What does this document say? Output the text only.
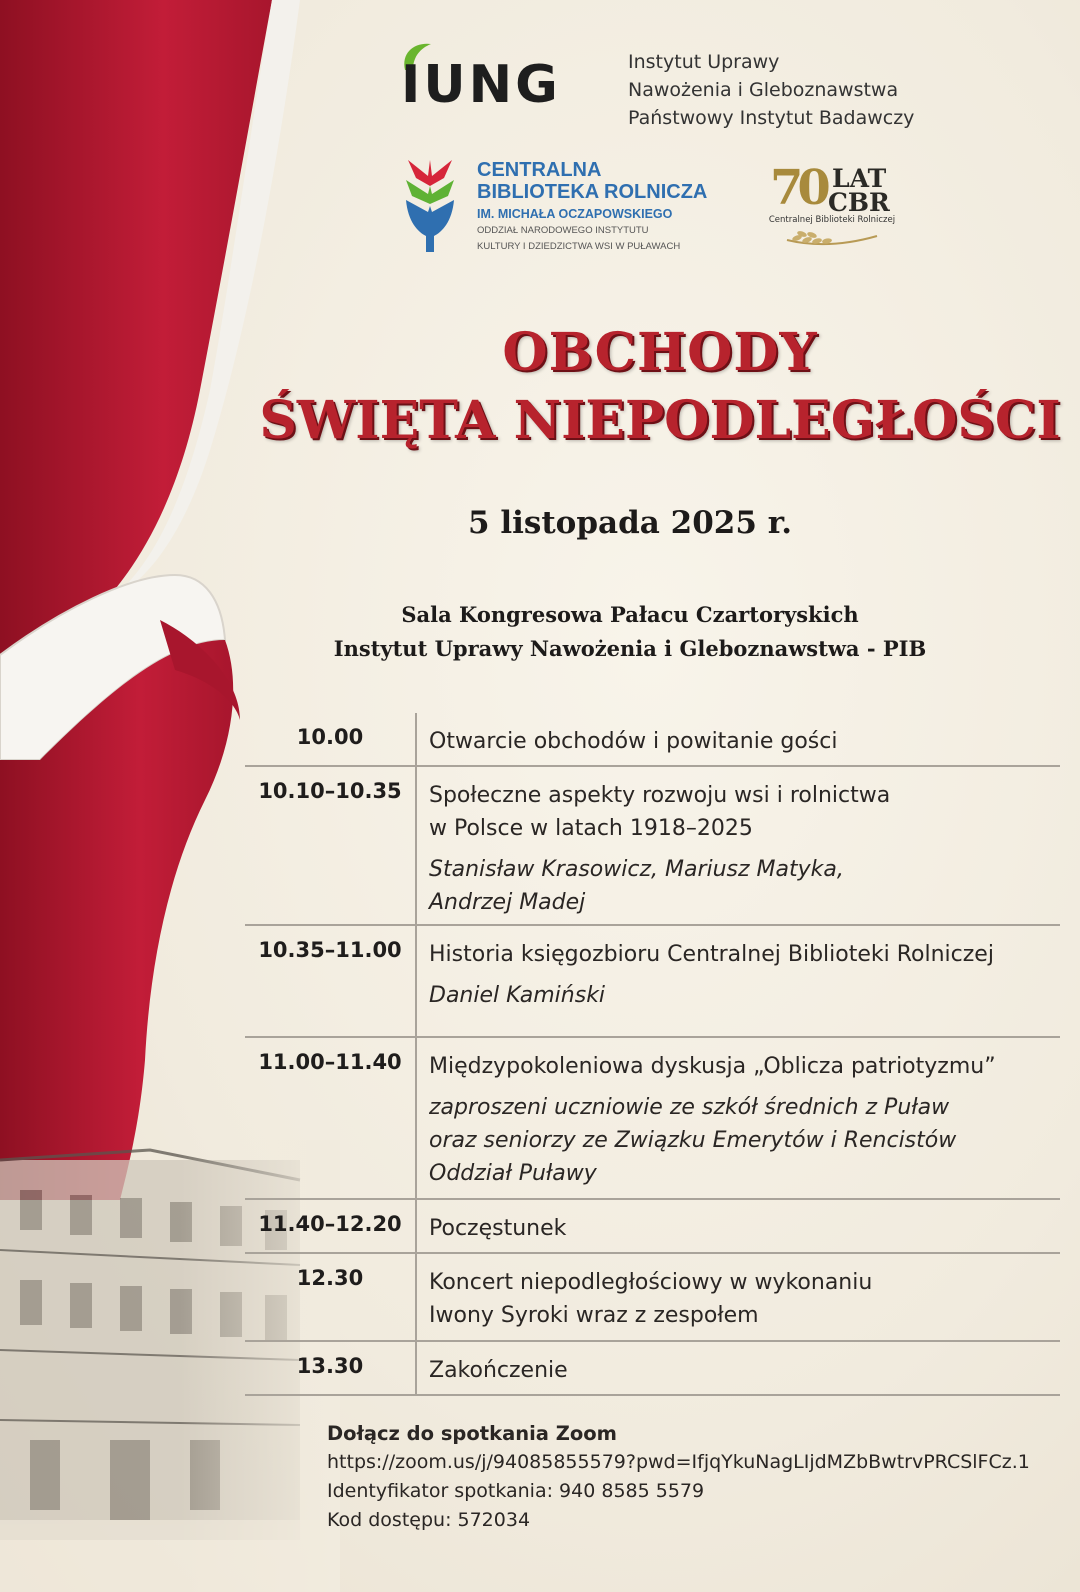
IUNG	Instytut Uprawy
Nawożenia i Gleboznawstwa
Państwowy Instytut Badawczy
CENTRALNA
BIBLIOTEKA ROLNICZA
IM. MICHAŁA OCZAPOWSKIEGO
ODDZIAŁ NARODOWEGO INSTYTUTU
KULTURY I DZIEDZICTWA WSI W PUŁAWACH
70 LAT
CBR
Centralnej Biblioteki Rolniczej
OBCHODY
ŚWIĘTA NIEPODLEGŁOŚCI
5 listopada 2025 r.
Sala Kongresowa Pałacu Czartoryskich
Instytut Uprawy Nawożenia i Gleboznawstwa - PIB
10.00	Otwarcie obchodów i powitanie gości
10.10–10.35	Społeczne aspekty rozwoju wsi i rolnictwa
w Polsce w latach 1918–2025
Stanisław Krasowicz, Mariusz Matyka,
Andrzej Madej
10.35–11.00	Historia księgozbioru Centralnej Biblioteki Rolniczej
Daniel Kamiński
11.00–11.40	Międzypokoleniowa dyskusja „Oblicza patriotyzmu”
zaproszeni uczniowie ze szkół średnich z Puław
oraz seniorzy ze Związku Emerytów i Rencistów
Oddział Puławy
11.40–12.20	Poczęstunek
12.30	Koncert niepodległościowy w wykonaniu
Iwony Syroki wraz z zespołem
13.30	Zakończenie
Dołącz do spotkania Zoom
https://zoom.us/j/94085855579?pwd=IfjqYkuNagLIjdMZbBwtrvPRCSlFCz.1
Identyfikator spotkania: 940 8585 5579
Kod dostępu: 572034
